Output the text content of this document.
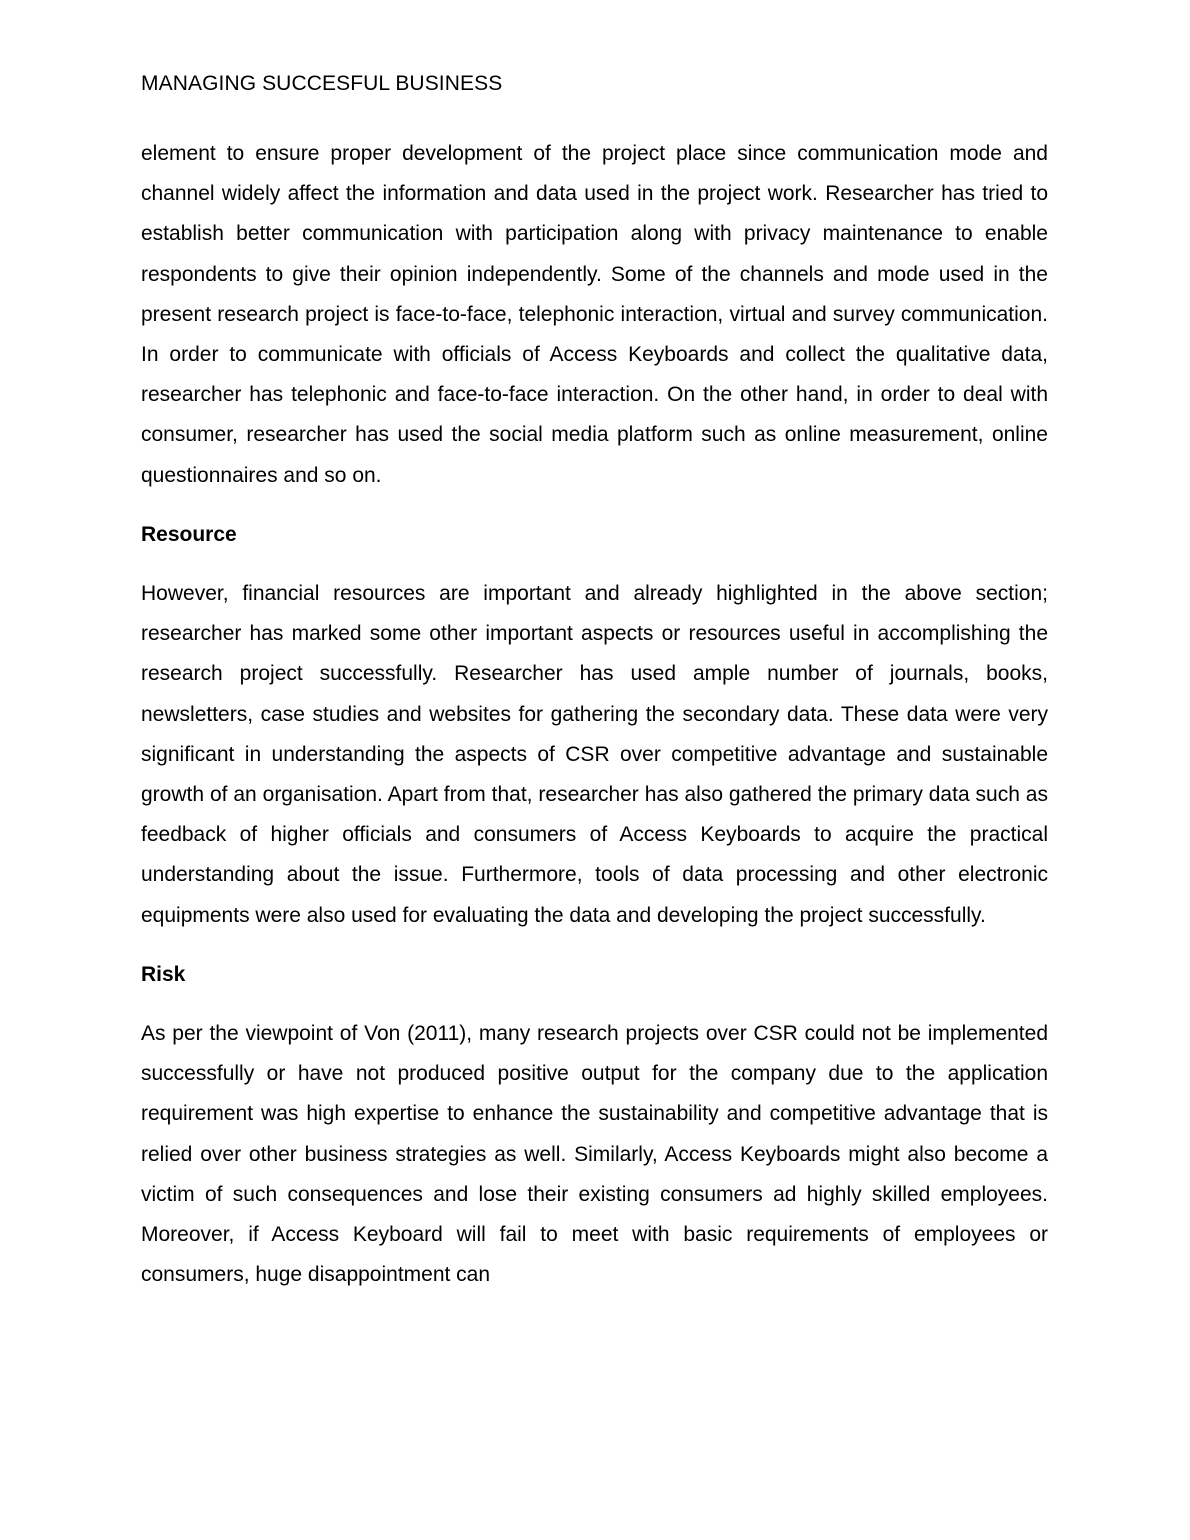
MANAGING SUCCESFUL BUSINESS

element to ensure proper development of the project place since communication mode and channel widely affect the information and data used in the project work. Researcher has tried to establish better communication with participation along with privacy maintenance to enable respondents to give their opinion independently. Some of the channels and mode used in the present research project is face-to-face, telephonic interaction, virtual and survey communication. In order to communicate with officials of Access Keyboards and collect the qualitative data, researcher has telephonic and face-to-face interaction. On the other hand, in order to deal with consumer, researcher has used the social media platform such as online measurement, online questionnaires and so on.

Resource

However, financial resources are important and already highlighted in the above section; researcher has marked some other important aspects or resources useful in accomplishing the research project successfully. Researcher has used ample number of journals, books, newsletters, case studies and websites for gathering the secondary data. These data were very significant in understanding the aspects of CSR over competitive advantage and sustainable growth of an organisation. Apart from that, researcher has also gathered the primary data such as feedback of higher officials and consumers of Access Keyboards to acquire the practical understanding about the issue. Furthermore, tools of data processing and other electronic equipments were also used for evaluating the data and developing the project successfully.

Risk

As per the viewpoint of Von (2011), many research projects over CSR could not be implemented successfully or have not produced positive output for the company due to the application requirement was high expertise to enhance the sustainability and competitive advantage that is relied over other business strategies as well. Similarly, Access Keyboards might also become a victim of such consequences and lose their existing consumers ad highly skilled employees. Moreover, if Access Keyboard will fail to meet with basic requirements of employees or consumers, huge disappointment can
